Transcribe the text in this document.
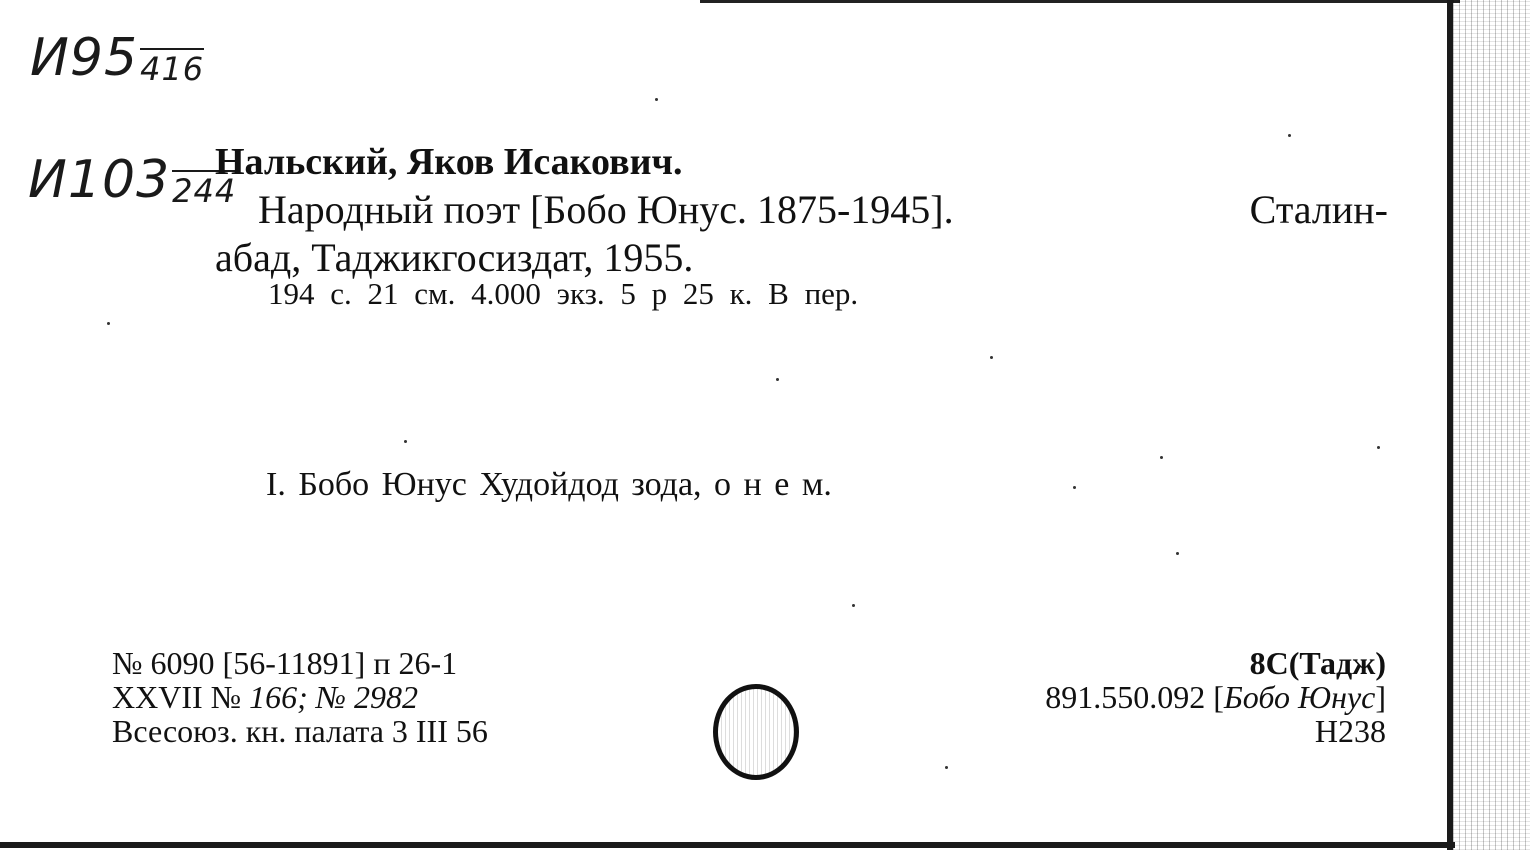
И95416
И103244
Нальский, Яков Исакович.
Народный поэт [Бобо Юнус. 1875-1945].	Сталин-
абад, Таджикгосиздат, 1955.
194 с. 21 см. 4.000 экз. 5 р 25 к. В пер.
I. Бобо Юнус Худойдод зода, о н е м.
№ 6090 [56-11891] п 26-1
XXVII № 166; № 2982
Всесоюз. кн. палата 3 III 56
8С(Тадж)
891.550.092 [Бобо Юнус]
Н238
